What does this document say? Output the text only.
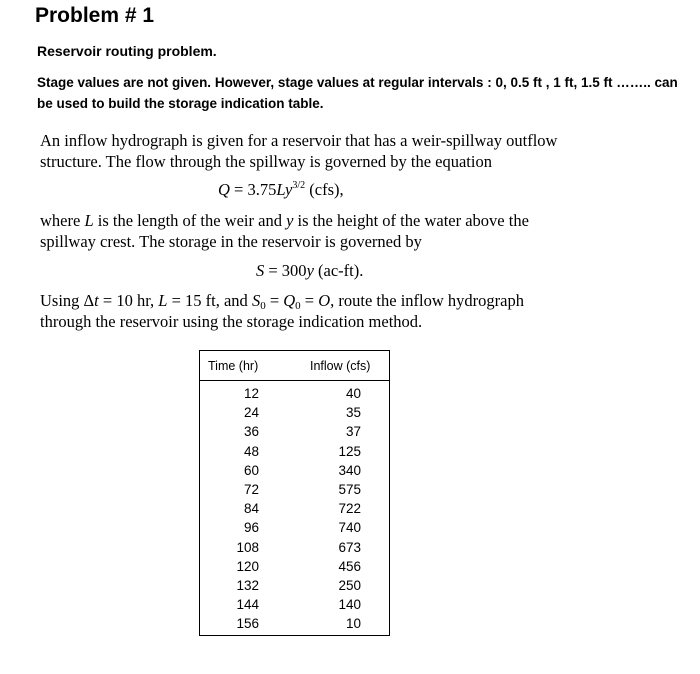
Problem # 1
Reservoir routing problem.
Stage values are not given. However, stage values at regular intervals : 0, 0.5 ft , 1 ft, 1.5 ft …….. can
be used to build the storage indication table.
An inflow hydrograph is given for a reservoir that has a weir-spillway outflow
structure. The flow through the spillway is governed by the equation
$Q = 3.75Ly^{3/2}$ (cfs),
where L is the length of the weir and y is the height of the water above the
spillway crest. The storage in the reservoir is governed by
S = 300y (ac-ft).
Using Δt = 10 hr, L = 15 ft, and $S_0 = Q_0 = O$, route the inflow hydrograph
through the reservoir using the storage indication method.
Time (hr)	Inflow (cfs)
12	40
24	35
36	37
48	125
60	340
72	575
84	722
96	740
108	673
120	456
132	250
144	140
156	10
